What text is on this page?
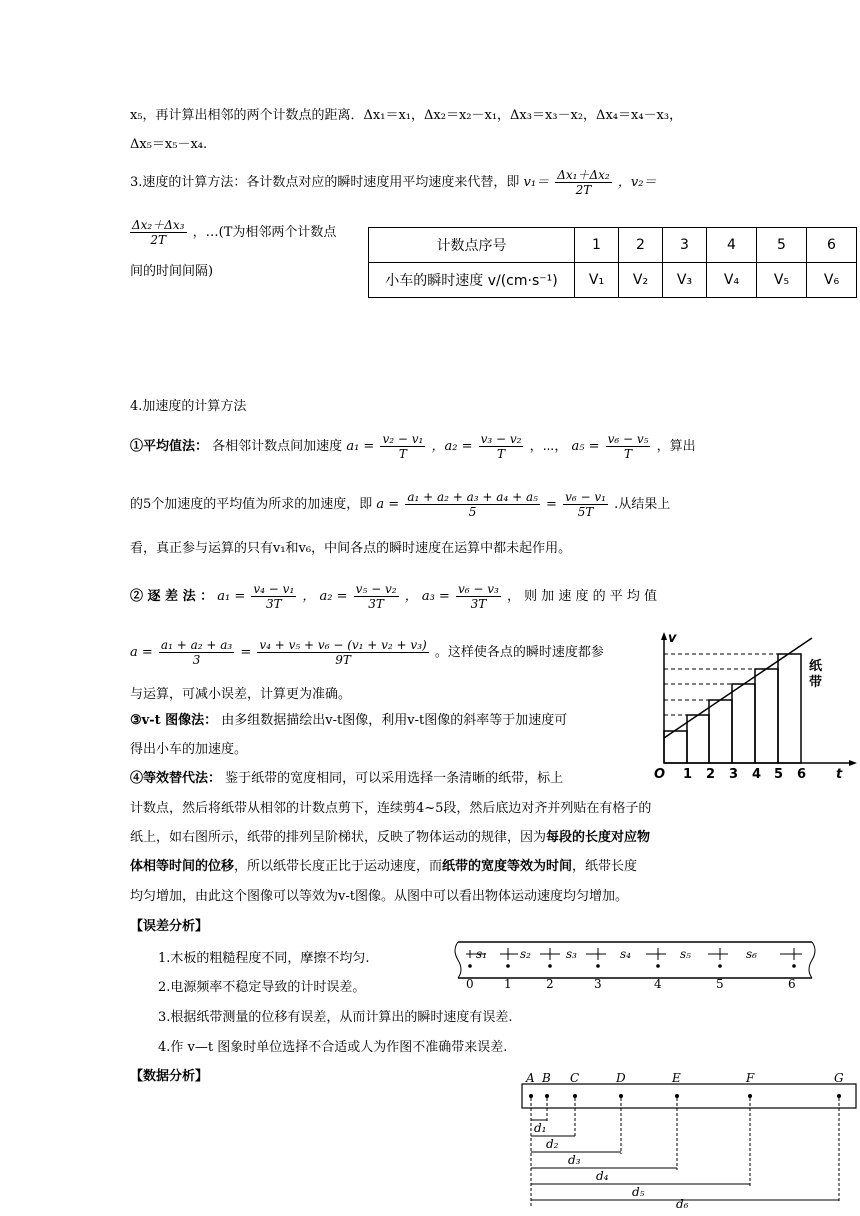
x₅，再计算出相邻的两个计数点的距离．Δx₁＝x₁，Δx₂＝x₂－x₁，Δx₃＝x₃－x₂，Δx₄＝x₄－x₃，
Δx₅＝x₅－x₄.
3.速度的计算方法：各计数点对应的瞬时速度用平均速度来代替，即 $v_1= \frac{\text{Δx₁＋Δx₂}}{2T}$ ，v₂＝
$\frac{\text{Δx₂＋Δx₃}}{2T}$ ，…(T为相邻两个计数点
间的时间间隔)
计数点序号	1	2	3	4	5	6
小车的瞬时速度 v/(cm·s⁻¹)	V₁	V₂	V₃	V₄	V₅	V₆
4.加速度的计算方法
①平均值法： 各相邻计数点间加速度 $a_1 = \frac{\text{v₂ − v₁}}{T}$ ，$a_2 = \frac{\text{v₃ − v₂}}{T}$ ，⋯， $a_5 = \frac{\text{v₆ − v₅}}{T}$ ，算出
的5个加速度的平均值为所求的加速度，即 $a = \frac{\text{a₁ + a₂ + a₃ + a₄ + a₅}}{5} = \frac{\text{v₆ − v₁}}{5T}$ .从结果上
看，真正参与运算的只有v₁和v₆，中间各点的瞬时速度在运算中都未起作用。
② 逐 差 法 ： $a_1 = \frac{\text{v₄ − v₁}}{3T}$ ， $a_2 = \frac{\text{v₅ − v₂}}{3T}$ ， $a_3 = \frac{\text{v₆ − v₃}}{3T}$ ， 则 加 速 度 的 平 均 值
$a = \frac{\text{a₁ + a₂ + a₃}}{3} = \frac{\text{v₄ + v₅ + v₆ − (v₁ + v₂ + v₃)}}{9T}$ 。这样使各点的瞬时速度都参
与运算，可减小误差，计算更为准确。
③v-t 图像法： 由多组数据描绘出v-t图像，利用v-t图像的斜率等于加速度可
得出小车的加速度。
④等效替代法： 鉴于纸带的宽度相同，可以采用选择一条清晰的纸带，标上
计数点，然后将纸带从相邻的计数点剪下，连续剪4~5段，然后底边对齐并列贴在有格子的
纸上，如右图所示，纸带的排列呈阶梯状，反映了物体运动的规律，因为每段的长度对应物
体相等时间的位移，所以纸带长度正比于运动速度，而纸带的宽度等效为时间，纸带长度
均匀增加，由此这个图像可以等效为v-t图像。从图中可以看出物体运动速度均匀增加。
【误差分析】
1.木板的粗糙程度不同，摩擦不均匀.
2.电源频率不稳定导致的计时误差。
3.根据纸带测量的位移有误差，从而计算出的瞬时速度有误差.
4.作 v—t 图象时单位选择不合适或人为作图不准确带来误差.
【数据分析】
v
纸
带
O 1 2 3 4 5 6 t
s₁	s₂	s₃	s₄	s₅	s₆
0	1	2	3	4	5	6
A B C	D	E	F	G
d₁
d₂
d₃
d₄
d₅
d₆
